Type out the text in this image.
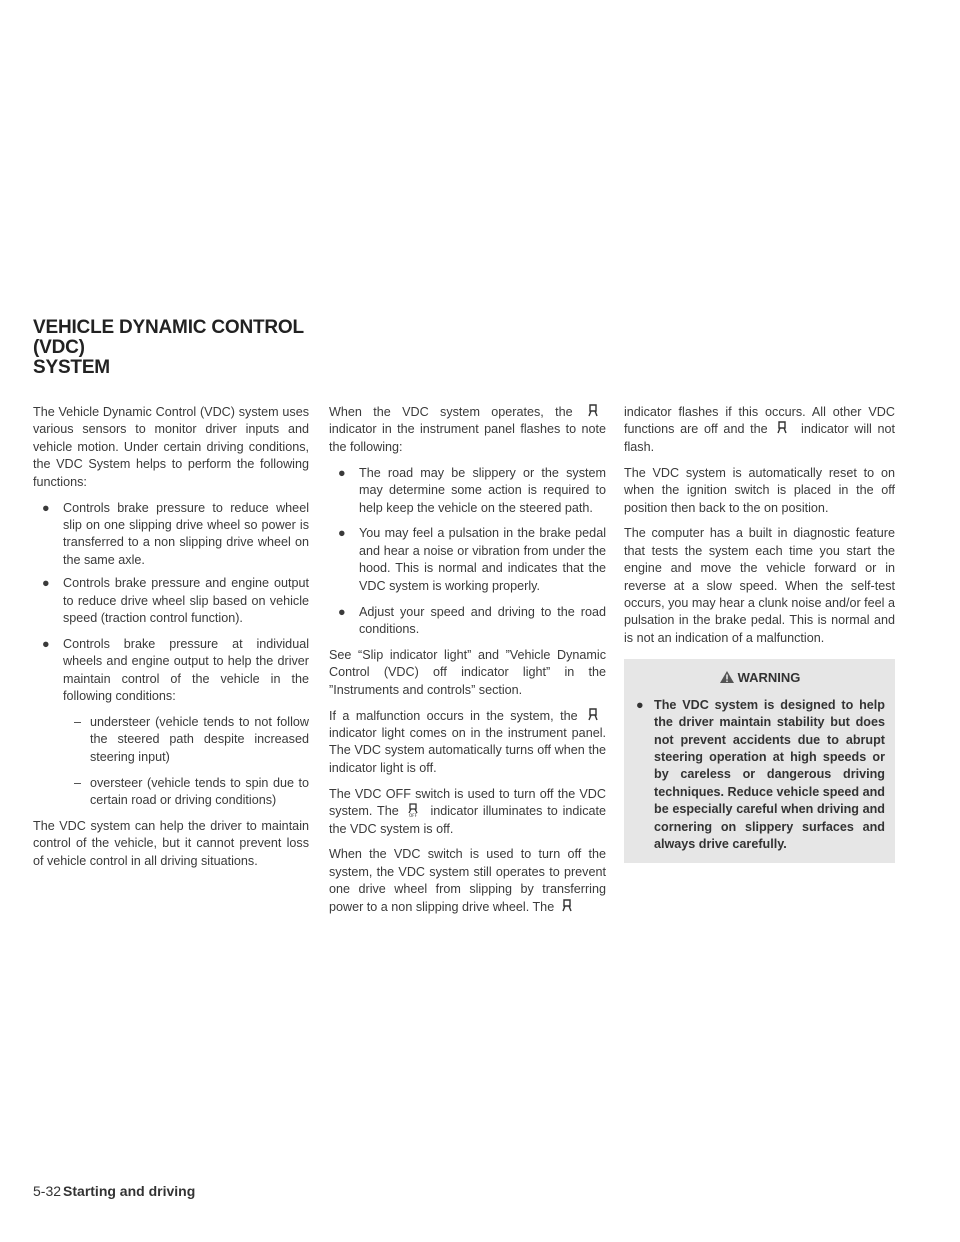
VEHICLE DYNAMIC CONTROL (VDC)
SYSTEM

The Vehicle Dynamic Control (VDC) system uses various sensors to monitor driver inputs and vehicle motion. Under certain driving conditions, the VDC System helps to perform the following functions:

● Controls brake pressure to reduce wheel slip on one slipping drive wheel so power is transferred to a non slipping drive wheel on the same axle.
● Controls brake pressure and engine output to reduce drive wheel slip based on vehicle speed (traction control function).
● Controls brake pressure at individual wheels and engine output to help the driver maintain control of the vehicle in the following conditions:
– understeer (vehicle tends to not follow the steered path despite increased steering input)
– oversteer (vehicle tends to spin due to certain road or driving conditions)

The VDC system can help the driver to maintain control of the vehicle, but it cannot prevent loss of vehicle control in all driving situations.

When the VDC system operates, the
indicator in the instrument panel flashes to note the following:

● The road may be slippery or the system may determine some action is required to help keep the vehicle on the steered path.
● You may feel a pulsation in the brake pedal and hear a noise or vibration from under the hood. This is normal and indicates that the VDC system is working properly.
● Adjust your speed and driving to the road conditions.

See “Slip indicator light” and ”Vehicle Dynamic Control (VDC) off indicator light” in the ”Instruments and controls” section.

If a malfunction occurs in the system, the
indicator light comes on in the instrument panel. The VDC system automatically turns off when the indicator light is off.

The VDC OFF switch is used to turn off the VDC system. The OFF indicator illuminates to indicate the VDC system is off.

When the VDC switch is used to turn off the system, the VDC system still operates to prevent one drive wheel from slipping by transferring power to a non slipping drive wheel. The

indicator flashes if this occurs. All other VDC functions are off and the	indicator will not flash.

The VDC system is automatically reset to on when the ignition switch is placed in the off position then back to the on position.

The computer has a built in diagnostic feature that tests the system each time you start the engine and move the vehicle forward or in reverse at a slow speed. When the self-test occurs, you may hear a clunk noise and/or feel a pulsation in the brake pedal. This is normal and is not an indication of a malfunction.

WARNING
● The VDC system is designed to help the driver maintain stability but does not prevent accidents due to abrupt steering operation at high speeds or by careless or dangerous driving techniques. Reduce vehicle speed and be especially careful when driving and cornering on slippery surfaces and always drive carefully.
5-32 Starting and driving
